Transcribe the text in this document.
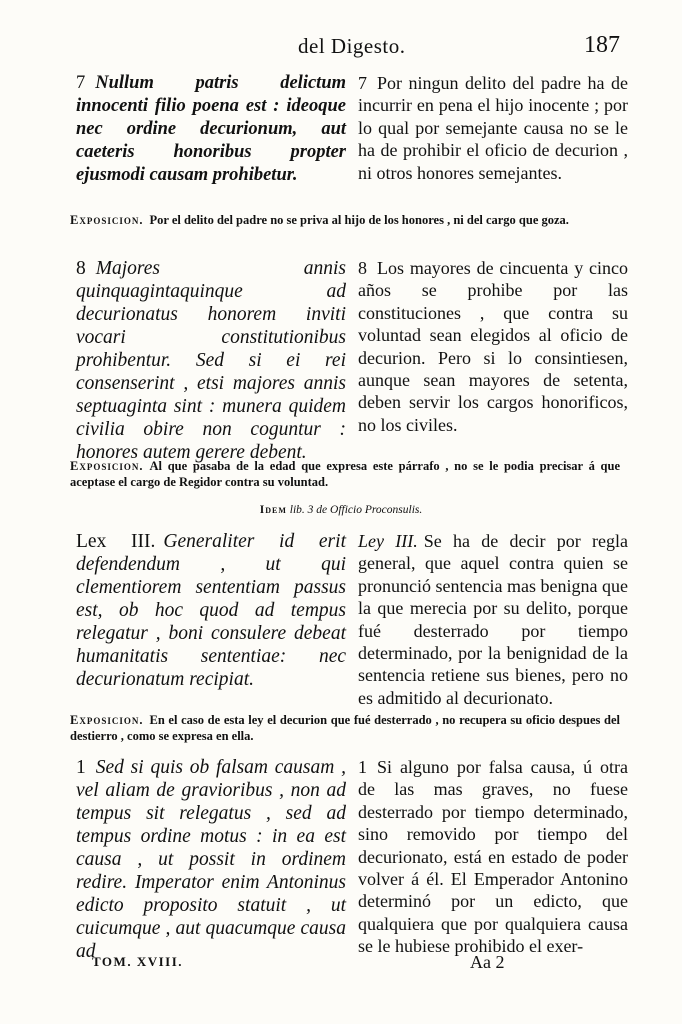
del Digesto.	187
7 Nullum patris delictum innocenti filio poena est : ideoque nec ordine decurionum, aut caeteris honoribus propter ejusmodi causam prohibetur.
7 Por ningun delito del padre ha de incurrir en pena el hijo inocente ; por lo qual por semejante causa no se le ha de prohibir el oficio de decurion , ni otros honores semejantes.
Exposicion. Por el delito del padre no se priva al hijo de los honores , ni del cargo que goza.
8 Majores annis quinquagintaquinque ad decurionatus honorem inviti vocari constitutionibus prohibentur. Sed si ei rei consenserint , etsi majores annis septuaginta sint : munera quidem civilia obire non coguntur : honores autem gerere debent.
8 Los mayores de cincuenta y cinco años se prohibe por las constituciones , que contra su voluntad sean elegidos al oficio de decurion. Pero si lo consintiesen, aunque sean mayores de setenta, deben servir los cargos honorificos, no los civiles.
Exposicion. Al que pasaba de la edad que expresa este párrafo , no se le podia precisar á que aceptase el cargo de Regidor contra su voluntad.
Idem lib. 3 de Officio Proconsulis.
Lex III. Generaliter id erit defendendum , ut qui clementiorem sententiam passus est, ob hoc quod ad tempus relegatur , boni consulere debeat humanitatis sententiae: nec decurionatum recipiat.
Ley III. Se ha de decir por regla general, que aquel contra quien se pronunció sentencia mas benigna que la que merecia por su delito, porque fué desterrado por tiempo determinado, por la benignidad de la sentencia retiene sus bienes, pero no es admitido al decurionato.
Exposicion. En el caso de esta ley el decurion que fué desterrado , no recupera su oficio despues del destierro , como se expresa en ella.
1 Sed si quis ob falsam causam , vel aliam de gravioribus , non ad tempus sit relegatus , sed ad tempus ordine motus : in ea est causa , ut possit in ordinem redire. Imperator enim Antoninus edicto proposito statuit , ut cuicumque , aut quacumque causa ad
1 Si alguno por falsa causa, ú otra de las mas graves, no fuese desterrado por tiempo determinado, sino removido por tiempo del decurionato, está en estado de poder volver á él. El Emperador Antonino determinó por un edicto, que qualquiera que por qualquiera causa se le hubiese prohibido el exer-
TOM. XVIII.	Aa 2
